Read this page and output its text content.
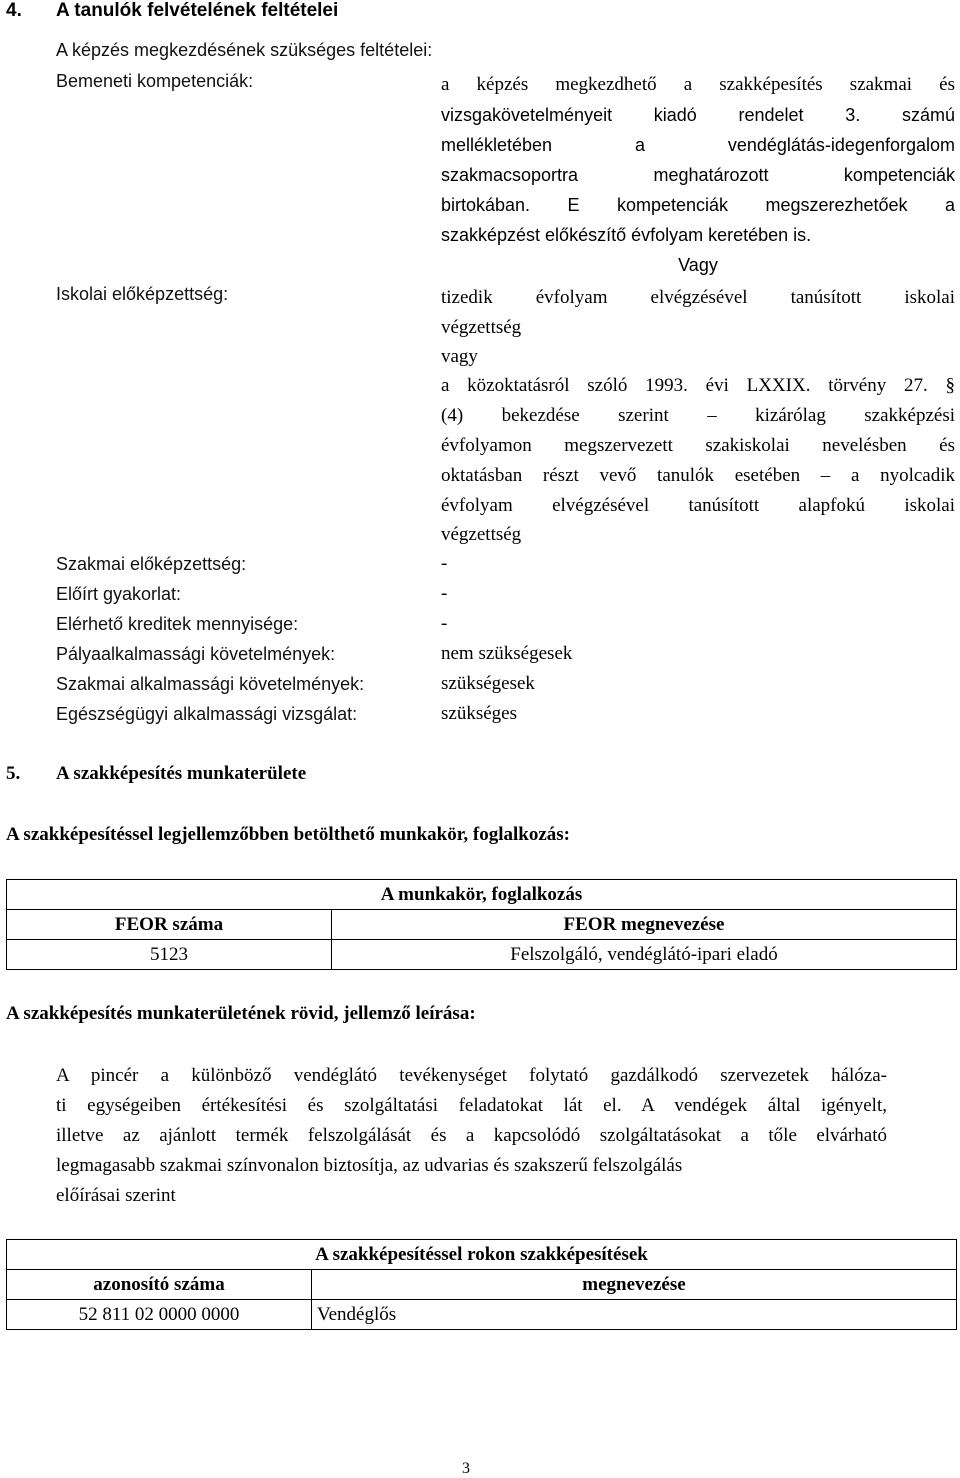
4. A tanulók felvételének feltételei
A képzés megkezdésének szükséges feltételei:
Bemeneti kompetenciák:	a képzés megkezdhető a szakképesítés szakmai és
vizsgakövetelményeit kiadó rendelet 3. számú
mellékletében a vendéglátás-idegenforgalom
szakmacsoportra meghatározott kompetenciák
birtokában. E kompetenciák megszerezhetőek a
szakképzést előkészítő évfolyam keretében is.
Vagy
Iskolai előképzettség:	tizedik évfolyam elvégzésével tanúsított iskolai
végzettség
vagy
a közoktatásról szóló 1993. évi LXXIX. törvény 27. §
(4) bekezdése szerint – kizárólag szakképzési
évfolyamon megszervezett szakiskolai nevelésben és
oktatásban részt vevő tanulók esetében – a nyolcadik
évfolyam elvégzésével tanúsított alapfokú iskolai
végzettség
Szakmai előképzettség:	-
Előírt gyakorlat:	-
Elérhető kreditek mennyisége:	-
Pályaalkalmassági követelmények:	nem szükségesek
Szakmai alkalmassági követelmények:	szükségesek
Egészségügyi alkalmassági vizsgálat:	szükséges
5. A szakképesítés munkaterülete
A szakképesítéssel legjellemzőbben betölthető munkakör, foglalkozás:
A munkakör, foglalkozás	
FEOR száma	FEOR megnevezése
5123	Felszolgáló, vendéglátó-ipari eladó
A szakképesítés munkaterületének rövid, jellemző leírása:
A pincér a különböző vendéglátó tevékenységet folytató gazdálkodó szervezetek hálóza-
ti egységeiben értékesítési és szolgáltatási feladatokat lát el. A vendégek által igényelt,
illetve az ajánlott termék felszolgálását és a kapcsolódó szolgáltatásokat a tőle elvárható
legmagasabb szakmai színvonalon biztosítja, az udvarias és szakszerű felszolgálás
előírásai szerint
A szakképesítéssel rokon szakképesítések	
azonosító száma	megnevezése
52 811 02 0000 0000	Vendéglős
3
